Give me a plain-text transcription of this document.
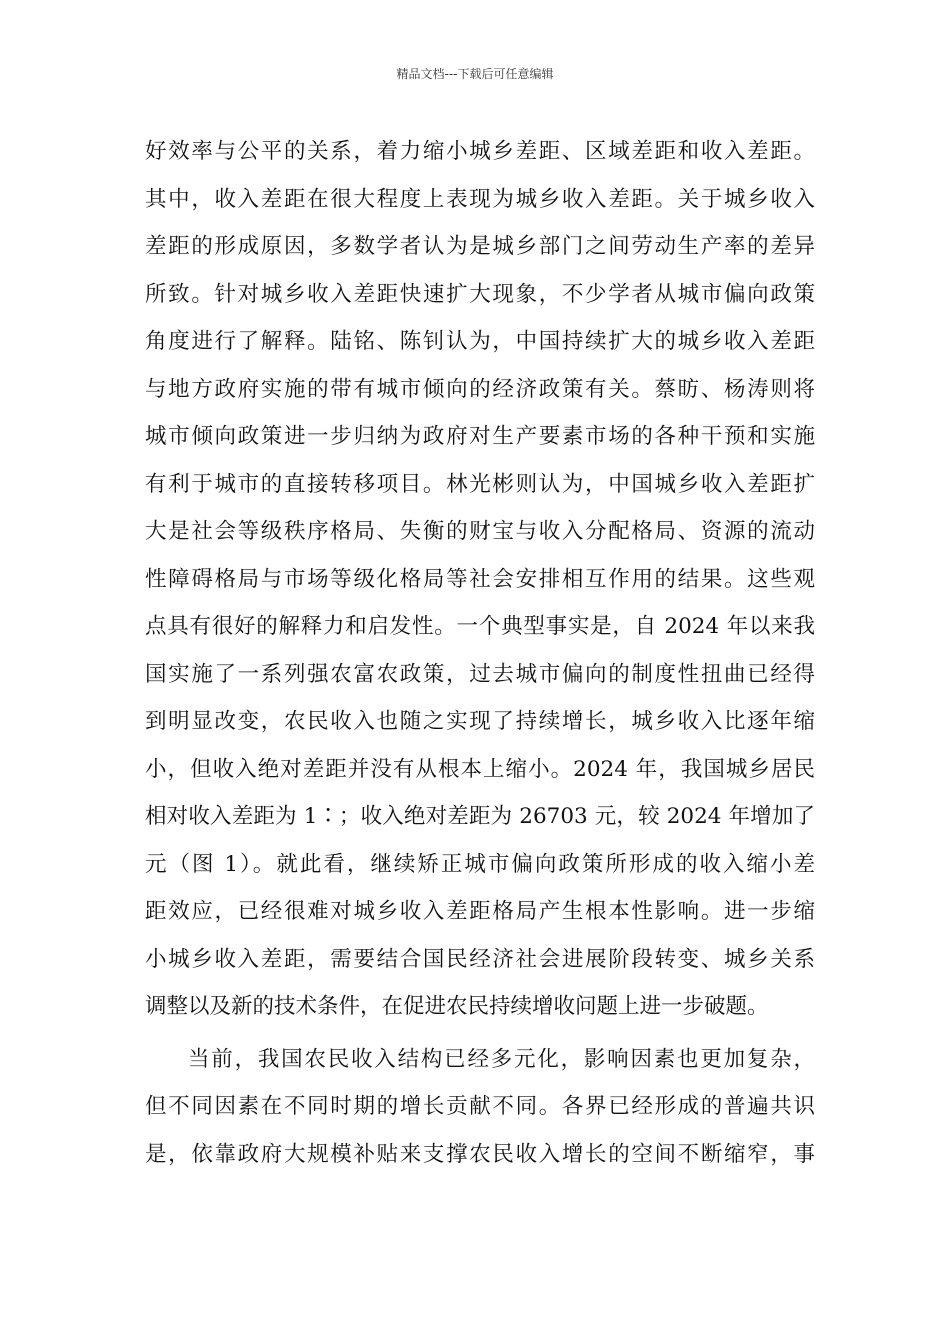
精品文档---下载后可任意编辑
好效率与公平的关系，着力缩小城乡差距、区域差距和收入差距。
其中，收入差距在很大程度上表现为城乡收入差距。关于城乡收入
差距的形成原因，多数学者认为是城乡部门之间劳动生产率的差异
所致。针对城乡收入差距快速扩大现象，不少学者从城市偏向政策
角度进行了解释。陆铭、陈钊认为，中国持续扩大的城乡收入差距
与地方政府实施的带有城市倾向的经济政策有关。蔡昉、杨涛则将
城市倾向政策进一步归纳为政府对生产要素市场的各种干预和实施
有利于城市的直接转移项目。林光彬则认为，中国城乡收入差距扩
大是社会等级秩序格局、失衡的财宝与收入分配格局、资源的流动
性障碍格局与市场等级化格局等社会安排相互作用的结果。这些观
点具有很好的解释力和启发性。一个典型事实是，自 2024 年以来我
国实施了一系列强农富农政策，过去城市偏向的制度性扭曲已经得
到明显改变，农民收入也随之实现了持续增长，城乡收入比逐年缩
小，但收入绝对差距并没有从根本上缩小。2024 年，我国城乡居民
相对收入差距为 1∶；收入绝对差距为 26703 元，较 2024 年增加了
元（图 1）。就此看，继续矫正城市偏向政策所形成的收入缩小差
距效应，已经很难对城乡收入差距格局产生根本性影响。进一步缩
小城乡收入差距，需要结合国民经济社会进展阶段转变、城乡关系
调整以及新的技术条件，在促进农民持续增收问题上进一步破题。
当前，我国农民收入结构已经多元化，影响因素也更加复杂，
但不同因素在不同时期的增长贡献不同。各界已经形成的普遍共识
是，依靠政府大规模补贴来支撑农民收入增长的空间不断缩窄，事
